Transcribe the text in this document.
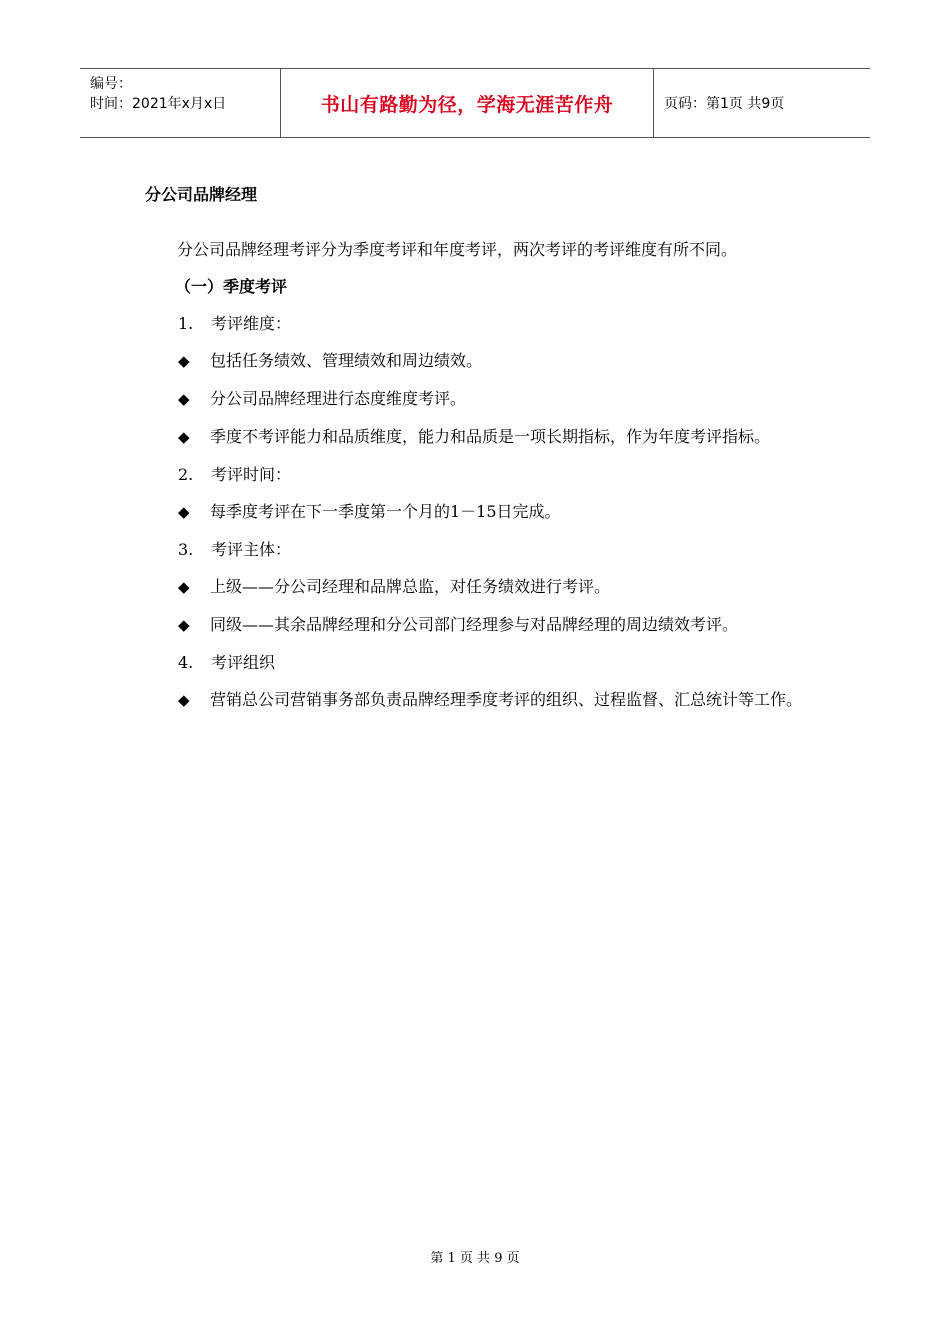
编号：
时间：2021年x月x日	书山有路勤为径，学海无涯苦作舟	页码：第1页 共9页

分公司品牌经理

分公司品牌经理考评分为季度考评和年度考评，两次考评的考评维度有所不同。

（一）季度考评

1. 考评维度：

◆ 包括任务绩效、管理绩效和周边绩效。

◆ 分公司品牌经理进行态度维度考评。

◆ 季度不考评能力和品质维度，能力和品质是一项长期指标，作为年度考评指标。

2. 考评时间：

◆ 每季度考评在下一季度第一个月的1－15日完成。

3. 考评主体：

◆ 上级——分公司经理和品牌总监，对任务绩效进行考评。

◆ 同级——其余品牌经理和分公司部门经理参与对品牌经理的周边绩效考评。

4. 考评组织

◆ 营销总公司营销事务部负责品牌经理季度考评的组织、过程监督、汇总统计等工作。

第 1 页 共 9 页
